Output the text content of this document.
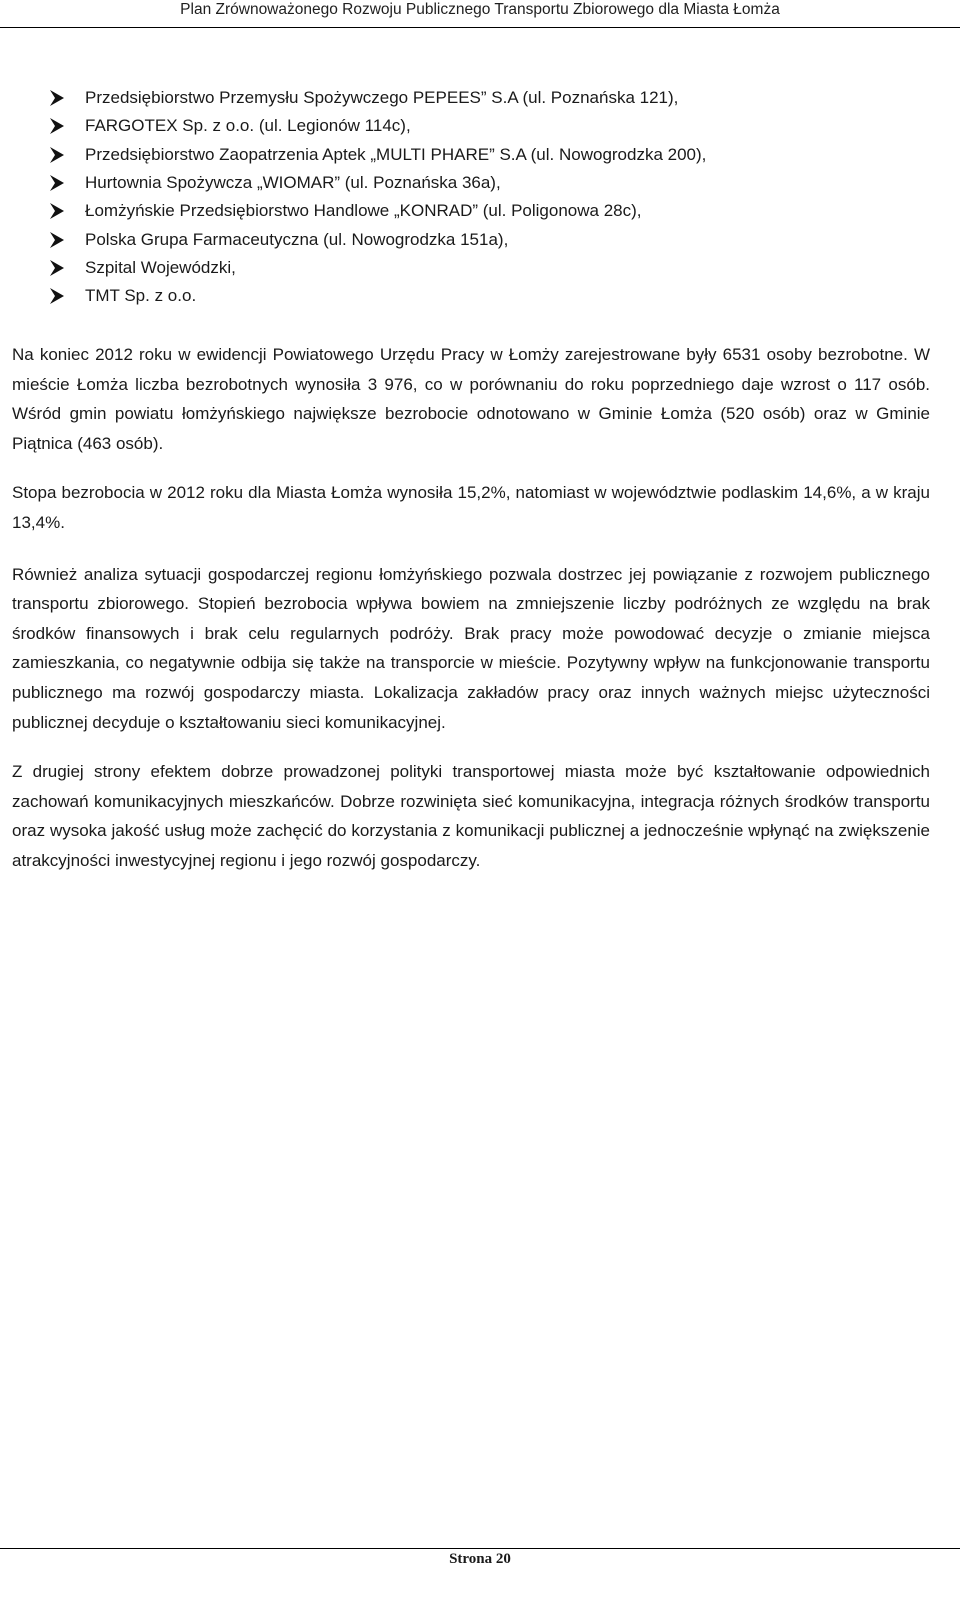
Plan Zrównoważonego Rozwoju Publicznego Transportu Zbiorowego dla Miasta Łomża
Przedsiębiorstwo Przemysłu Spożywczego PEPEES” S.A (ul. Poznańska 121),
FARGOTEX Sp. z o.o. (ul. Legionów 114c),
Przedsiębiorstwo Zaopatrzenia Aptek „MULTI PHARE” S.A (ul. Nowogrodzka 200),
Hurtownia Spożywcza „WIOMAR” (ul. Poznańska 36a),
Łomżyńskie Przedsiębiorstwo Handlowe „KONRAD” (ul. Poligonowa 28c),
Polska Grupa Farmaceutyczna (ul. Nowogrodzka 151a),
Szpital Wojewódzki,
TMT Sp. z o.o.

Na koniec 2012 roku w ewidencji Powiatowego Urzędu Pracy w Łomży zarejestrowane były 6531 osoby bezrobotne. W mieście Łomża liczba bezrobotnych wynosiła 3 976, co w porównaniu do roku poprzedniego daje wzrost o 117 osób. Wśród gmin powiatu łomżyńskiego największe bezrobocie odnotowano w Gminie Łomża (520 osób) oraz w Gminie Piątnica (463 osób).

Stopa bezrobocia w 2012 roku dla Miasta Łomża wynosiła 15,2%, natomiast w województwie podlaskim 14,6%, a w kraju 13,4%.

Również analiza sytuacji gospodarczej regionu łomżyńskiego pozwala dostrzec jej powiązanie z rozwojem publicznego transportu zbiorowego. Stopień bezrobocia wpływa bowiem na zmniejszenie liczby podróżnych ze względu na brak środków finansowych i brak celu regularnych podróży. Brak pracy może powodować decyzje o zmianie miejsca zamieszkania, co negatywnie odbija się także na transporcie w mieście. Pozytywny wpływ na funkcjonowanie transportu publicznego ma rozwój gospodarczy miasta. Lokalizacja zakładów pracy oraz innych ważnych miejsc użyteczności publicznej decyduje o kształtowaniu sieci komunikacyjnej.

Z drugiej strony efektem dobrze prowadzonej polityki transportowej miasta może być kształtowanie odpowiednich zachowań komunikacyjnych mieszkańców. Dobrze rozwinięta sieć komunikacyjna, integracja różnych środków transportu oraz wysoka jakość usług może zachęcić do korzystania z komunikacji publicznej a jednocześnie wpłynąć na zwiększenie atrakcyjności inwestycyjnej regionu i jego rozwój gospodarczy.

Strona 20
